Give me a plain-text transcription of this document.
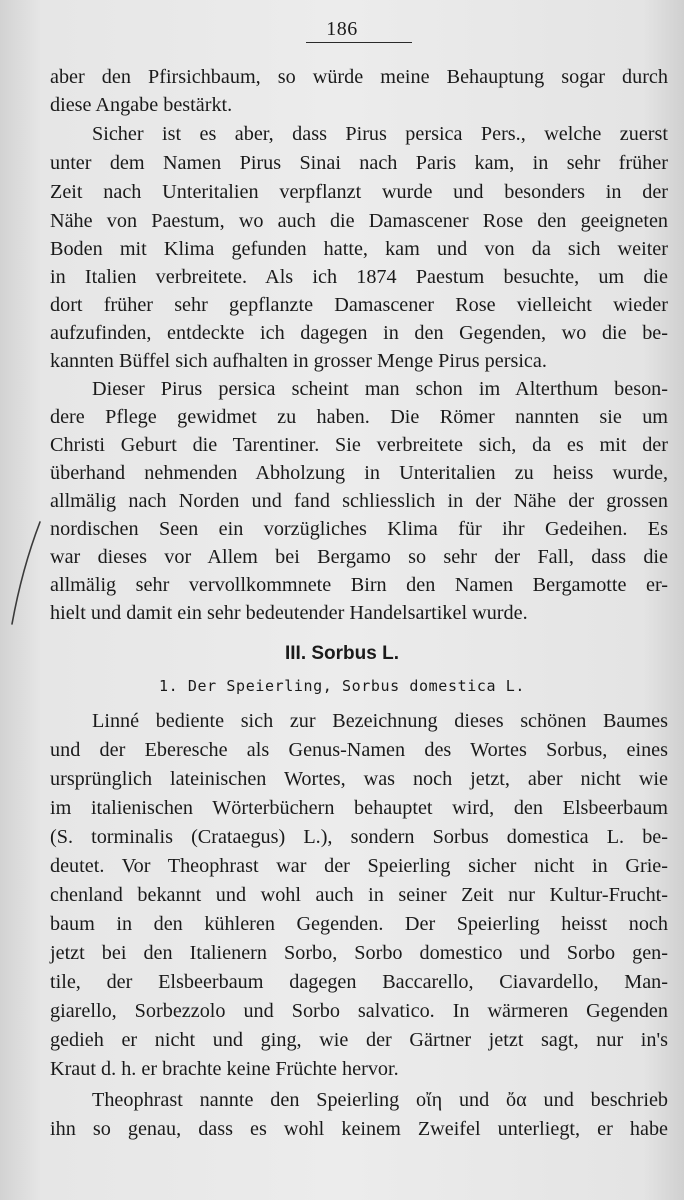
186
aber den Pfirsichbaum, so würde meine Behauptung sogar durch
diese Angabe bestärkt.
Sicher ist es aber, dass Pirus persica Pers., welche zuerst
unter dem Namen Pirus Sinai nach Paris kam, in sehr früher
Zeit nach Unteritalien verpflanzt wurde und besonders in der
Nähe von Paestum, wo auch die Damascener Rose den geeigneten
Boden mit Klima gefunden hatte, kam und von da sich weiter
in Italien verbreitete. Als ich 1874 Paestum besuchte, um die
dort früher sehr gepflanzte Damascener Rose vielleicht wieder
aufzufinden, entdeckte ich dagegen in den Gegenden, wo die be-
kannten Büffel sich aufhalten in grosser Menge Pirus persica.
Dieser Pirus persica scheint man schon im Alterthum beson-
dere Pflege gewidmet zu haben. Die Römer nannten sie um
Christi Geburt die Tarentiner. Sie verbreitete sich, da es mit der
überhand nehmenden Abholzung in Unteritalien zu heiss wurde,
allmälig nach Norden und fand schliesslich in der Nähe der grossen
nordischen Seen ein vorzügliches Klima für ihr Gedeihen. Es
war dieses vor Allem bei Bergamo so sehr der Fall, dass die
allmälig sehr vervollkommnete Birn den Namen Bergamotte er-
hielt und damit ein sehr bedeutender Handelsartikel wurde.
III. Sorbus L.
1. Der Speierling, Sorbus domestica L.
Linné bediente sich zur Bezeichnung dieses schönen Baumes
und der Eberesche als Genus-Namen des Wortes Sorbus, eines
ursprünglich lateinischen Wortes, was noch jetzt, aber nicht wie
im italienischen Wörterbüchern behauptet wird, den Elsbeerbaum
(S. torminalis (Crataegus) L.), sondern Sorbus domestica L. be-
deutet. Vor Theophrast war der Speierling sicher nicht in Grie-
chenland bekannt und wohl auch in seiner Zeit nur Kultur-Frucht-
baum in den kühleren Gegenden. Der Speierling heisst noch
jetzt bei den Italienern Sorbo, Sorbo domestico und Sorbo gen-
tile, der Elsbeerbaum dagegen Baccarello, Ciavardello, Man-
giarello, Sorbezzolo und Sorbo salvatico. In wärmeren Gegenden
gedieh er nicht und ging, wie der Gärtner jetzt sagt, nur in's
Kraut d. h. er brachte keine Früchte hervor.
Theophrast nannte den Speierling οἴη und ὄα und beschrieb
ihn so genau, dass es wohl keinem Zweifel unterliegt, er habe
